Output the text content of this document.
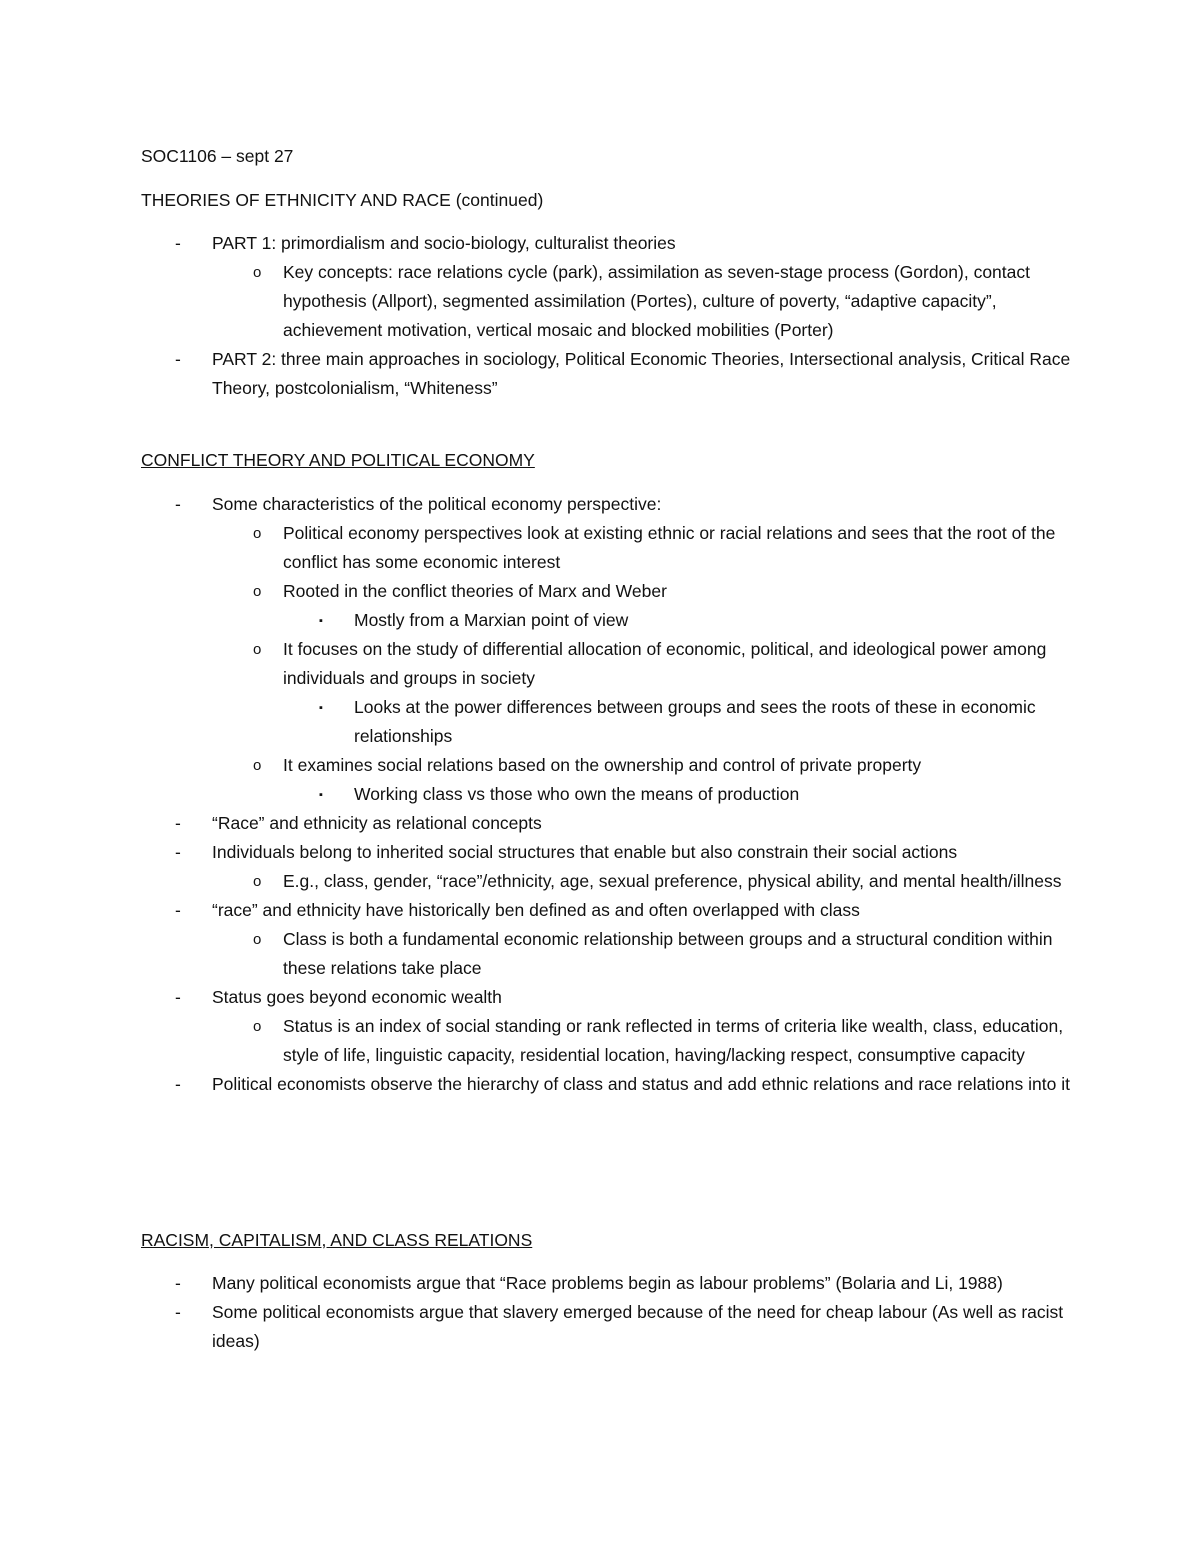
SOC1106 – sept 27
THEORIES OF ETHNICITY AND RACE (continued)
- PART 1: primordialism and socio-biology, culturalist theories
o Key concepts: race relations cycle (park), assimilation as seven-stage process (Gordon), contact hypothesis (Allport), segmented assimilation (Portes), culture of poverty, “adaptive capacity”, achievement motivation, vertical mosaic and blocked mobilities (Porter)
- PART 2: three main approaches in sociology, Political Economic Theories, Intersectional analysis, Critical Race Theory, postcolonialism, “Whiteness”
CONFLICT THEORY AND POLITICAL ECONOMY
- Some characteristics of the political economy perspective:
o Political economy perspectives look at existing ethnic or racial relations and sees that the root of the conflict has some economic interest
o Rooted in the conflict theories of Marx and Weber
▪ Mostly from a Marxian point of view
o It focuses on the study of differential allocation of economic, political, and ideological power among individuals and groups in society
▪ Looks at the power differences between groups and sees the roots of these in economic relationships
o It examines social relations based on the ownership and control of private property
▪ Working class vs those who own the means of production
- “Race” and ethnicity as relational concepts
- Individuals belong to inherited social structures that enable but also constrain their social actions
o E.g., class, gender, “race”/ethnicity, age, sexual preference, physical ability, and mental health/illness
- “race” and ethnicity have historically ben defined as and often overlapped with class
o Class is both a fundamental economic relationship between groups and a structural condition within these relations take place
- Status goes beyond economic wealth
o Status is an index of social standing or rank reflected in terms of criteria like wealth, class, education, style of life, linguistic capacity, residential location, having/lacking respect, consumptive capacity
- Political economists observe the hierarchy of class and status and add ethnic relations and race relations into it
RACISM, CAPITALISM, AND CLASS RELATIONS
- Many political economists argue that “Race problems begin as labour problems” (Bolaria and Li, 1988)
- Some political economists argue that slavery emerged because of the need for cheap labour (As well as racist ideas)
